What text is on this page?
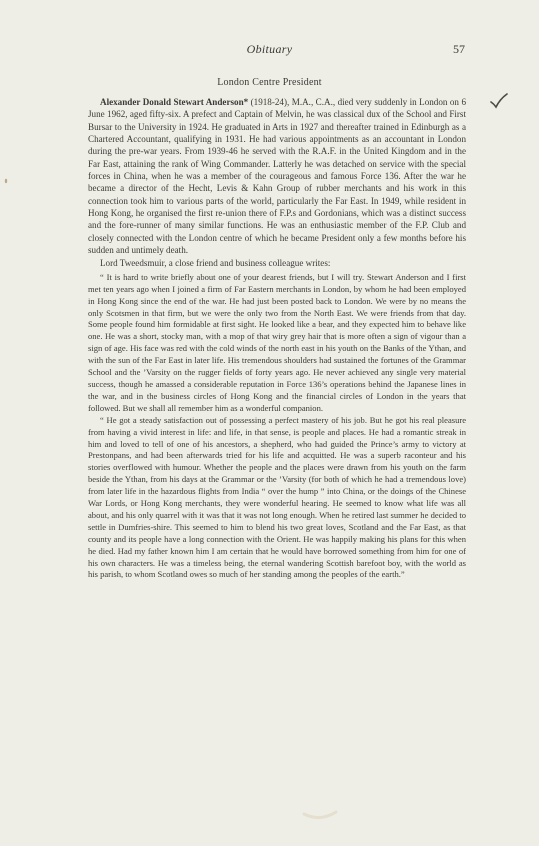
Obituary	57
London Centre President

Alexander Donald Stewart Anderson* (1918-24), M.A., C.A., died very suddenly in London on 6 June 1962, aged fifty-six. A prefect and Captain of Melvin, he was classical dux of the School and First Bursar to the University in 1924. He graduated in Arts in 1927 and thereafter trained in Edinburgh as a Chartered Accountant, qualifying in 1931. He had various appointments as an accountant in London during the pre-war years. From 1939-46 he served with the R.A.F. in the United Kingdom and in the Far East, attaining the rank of Wing Commander. Latterly he was detached on service with the special forces in China, when he was a member of the courageous and famous Force 136. After the war he became a director of the Hecht, Levis & Kahn Group of rubber merchants and his work in this connection took him to various parts of the world, particularly the Far East. In 1949, while resident in Hong Kong, he organised the first re-union there of F.P.s and Gordonians, which was a distinct success and the fore-runner of many similar functions. He was an enthusiastic member of the F.P. Club and closely connected with the London centre of which he became President only a few months before his sudden and untimely death.

Lord Tweedsmuir, a close friend and business colleague writes:

“ It is hard to write briefly about one of your dearest friends, but I will try. Stewart Anderson and I first met ten years ago when I joined a firm of Far Eastern merchants in London, by whom he had been employed in Hong Kong since the end of the war. He had just been posted back to London. We were by no means the only Scotsmen in that firm, but we were the only two from the North East. We were friends from that day. Some people found him formidable at first sight. He looked like a bear, and they expected him to behave like one. He was a short, stocky man, with a mop of that wiry grey hair that is more often a sign of vigour than a sign of age. His face was red with the cold winds of the north east in his youth on the Banks of the Ythan, and with the sun of the Far East in later life. His tremendous shoulders had sustained the fortunes of the Grammar School and the ’Varsity on the rugger fields of forty years ago. He never achieved any single very material success, though he amassed a considerable reputation in Force 136’s operations behind the Japanese lines in the war, and in the business circles of Hong Kong and the financial circles of London in the years that followed. But we shall all remember him as a wonderful companion.

“ He got a steady satisfaction out of possessing a perfect mastery of his job. But he got his real pleasure from having a vivid interest in life: and life, in that sense, is people and places. He had a romantic streak in him and loved to tell of one of his ancestors, a shepherd, who had guided the Prince’s army to victory at Prestonpans, and had been afterwards tried for his life and acquitted. He was a superb raconteur and his stories overflowed with humour. Whether the people and the places were drawn from his youth on the farm beside the Ythan, from his days at the Grammar or the ’Varsity (for both of which he had a tremendous love) from later life in the hazardous flights from India “ over the hump ” into China, or the doings of the Chinese War Lords, or Hong Kong merchants, they were wonderful hearing. He seemed to know what life was all about, and his only quarrel with it was that it was not long enough. When he retired last summer he decided to settle in Dumfries-shire. This seemed to him to blend his two great loves, Scotland and the Far East, as that county and its people have a long connection with the Orient. He was happily making his plans for this when he died. Had my father known him I am certain that he would have borrowed something from him for one of his own characters. He was a timeless being, the eternal wandering Scottish barefoot boy, with the world as his parish, to whom Scotland owes so much of her standing among the peoples of the earth.”
